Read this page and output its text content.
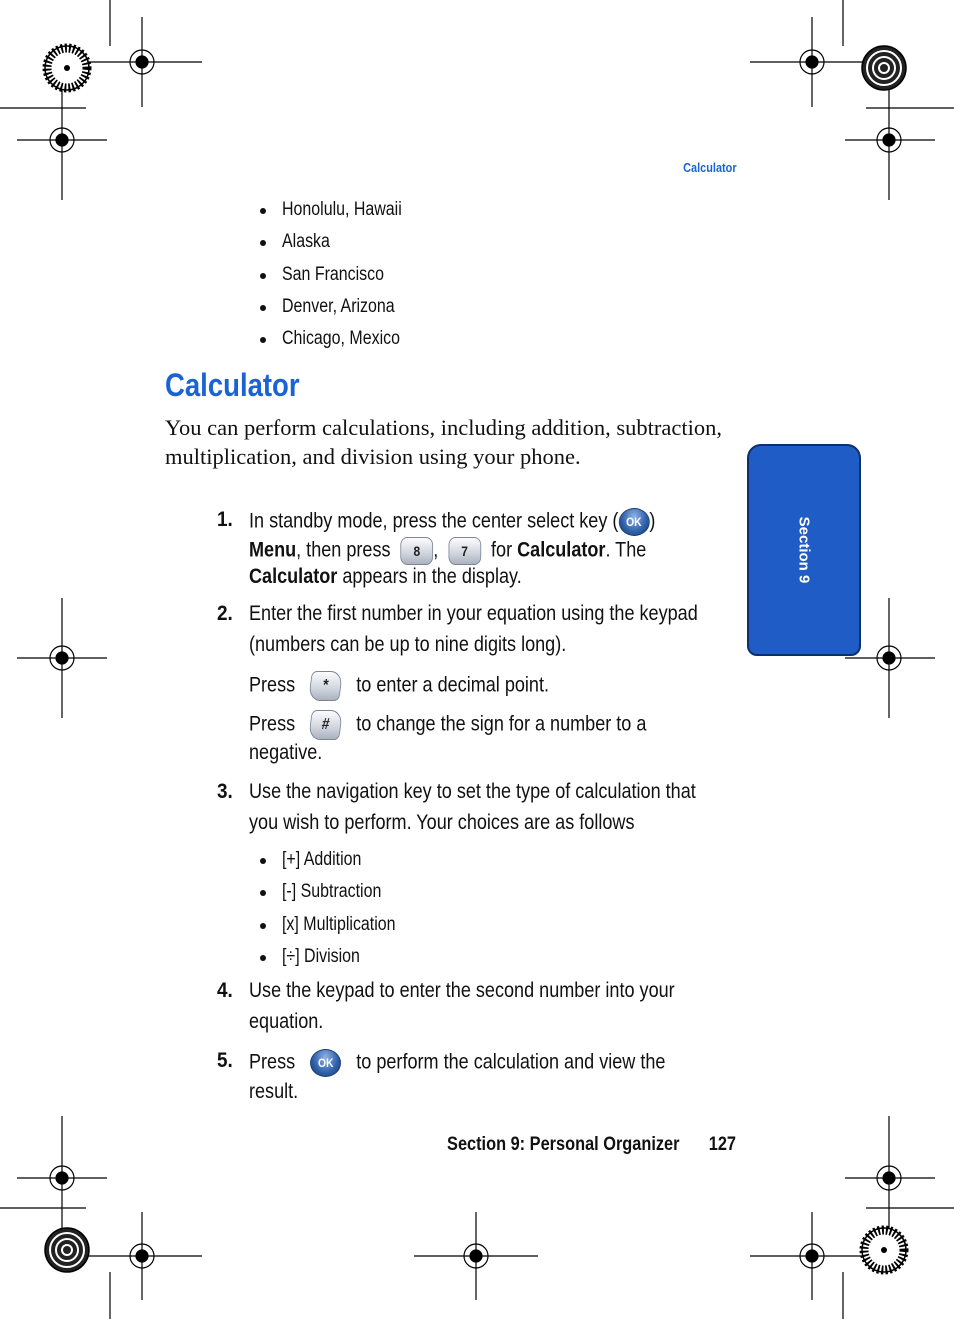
Calculator
Honolulu, Hawaii
Alaska
San Francisco
Denver, Arizona
Chicago, Mexico
Calculator
You can perform calculations, including addition, subtraction, multiplication, and division using your phone.
1. In standby mode, press the center select key ( OK )
Menu, then press 8 , 7 for Calculator. The
Calculator appears in the display.
2. Enter the first number in your equation using the keypad
(numbers can be up to nine digits long).
Press * to enter a decimal point.
Press # to change the sign for a number to a
negative.
3. Use the navigation key to set the type of calculation that
you wish to perform. Your choices are as follows
4. Use the keypad to enter the second number into your
equation.
5. Press OK to perform the calculation and view the
result.
[+] Addition
[-] Subtraction
[x] Multiplication
[÷] Division
Section 9
Section 9: Personal Organizer 127
